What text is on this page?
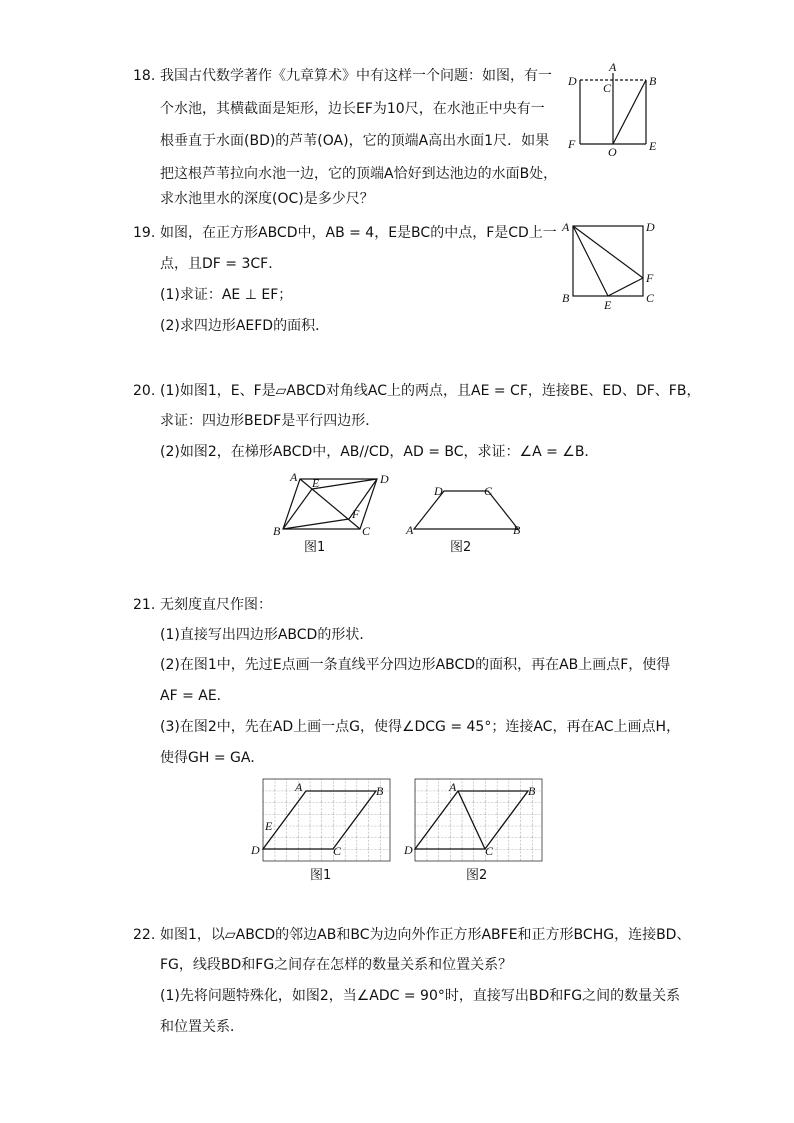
18. 我国古代数学著作《九章算术》中有这样一个问题：如图，有一
个水池，其横截面是矩形，边长EF为10尺，在水池正中央有一
根垂直于水面(BD)的芦苇(OA)，它的顶端A高出水面1尺．如果
把这根芦苇拉向水池一边，它的顶端A恰好到达池边的水面B处，
求水池里水的深度(OC)是多少尺？
A
B
C
D
E
F
O
19. 如图，在正方形ABCD中，AB = 4，E是BC的中点，F是CD上一
点，且DF = 3CF．
(1)求证：AE ⊥ EF；
(2)求四边形AEFD的面积．
A	D
B	C
E
F
20. (1)如图1，E、F是▱ABCD对角线AC上的两点，且AE = CF，连接BE、ED、DF、FB，
求证：四边形BEDF是平行四边形．
(2)如图2，在梯形ABCD中，AB//CD，AD = BC，求证：∠A = ∠B．
A	D
E
F
B	C
图1
D	C
A	B
图2
21. 无刻度直尺作图：
(1)直接写出四边形ABCD的形状．
(2)在图1中，先过E点画一条直线平分四边形ABCD的面积，再在AB上画点F，使得
AF = AE．
(3)在图2中，先在AD上画一点G，使得∠DCG = 45°；连接AC，再在AC上画点H，
使得GH = GA．
A	B
D	C
E
图1
A	B
D	C
图2
22. 如图1，以▱ABCD的邻边AB和BC为边向外作正方形ABFE和正方形BCHG，连接BD、
FG，线段BD和FG之间存在怎样的数量关系和位置关系？
(1)先将问题特殊化，如图2，当∠ADC = 90°时，直接写出BD和FG之间的数量关系
和位置关系．
